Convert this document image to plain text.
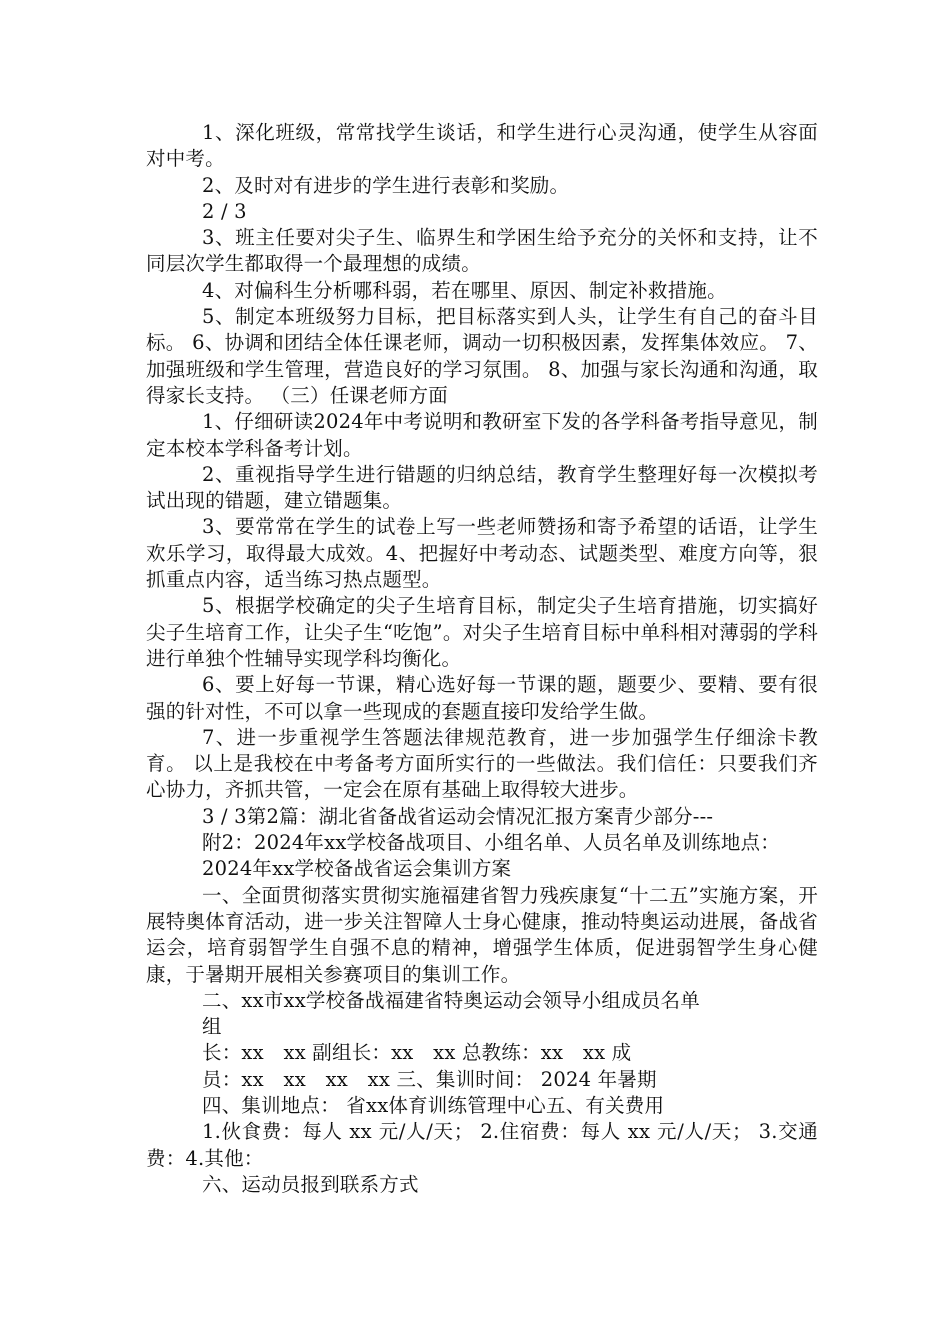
1、深化班级，常常找学生谈话，和学生进行心灵沟通，使学生从容面对中考。

2、及时对有进步的学生进行表彰和奖励。

2 / 3

3、班主任要对尖子生、临界生和学困生给予充分的关怀和支持，让不同层次学生都取得一个最理想的成绩。

4、对偏科生分析哪科弱，若在哪里、原因、制定补救措施。

5、制定本班级努力目标，把目标落实到人头，让学生有自己的奋斗目标。 6、协调和团结全体任课老师，调动一切积极因素，发挥集体效应。 7、加强班级和学生管理，营造良好的学习氛围。 8、加强与家长沟通和沟通，取得家长支持。 （三）任课老师方面

1、仔细研读2024年中考说明和教研室下发的各学科备考指导意见，制定本校本学科备考计划。

2、重视指导学生进行错题的归纳总结，教育学生整理好每一次模拟考试出现的错题，建立错题集。

3、要常常在学生的试卷上写一些老师赞扬和寄予希望的话语，让学生欢乐学习，取得最大成效。4、把握好中考动态、试题类型、难度方向等，狠抓重点内容，适当练习热点题型。

5、根据学校确定的尖子生培育目标，制定尖子生培育措施，切实搞好尖子生培育工作，让尖子生“吃饱”。对尖子生培育目标中单科相对薄弱的学科进行单独个性辅导实现学科均衡化。

6、要上好每一节课，精心选好每一节课的题，题要少、要精、要有很强的针对性，不可以拿一些现成的套题直接印发给学生做。

7、进一步重视学生答题法律规范教育，进一步加强学生仔细涂卡教育。 以上是我校在中考备考方面所实行的一些做法。我们信任：只要我们齐心协力，齐抓共管，一定会在原有基础上取得较大进步。

3 / 3第2篇：湖北省备战省运动会情况汇报方案青少部分---

附2：2024年xx学校备战项目、小组名单、人员名单及训练地点：

2024年xx学校备战省运会集训方案

一、全面贯彻落实贯彻实施福建省智力残疾康复“十二五”实施方案，开展特奥体育活动，进一步关注智障人士身心健康，推动特奥运动进展，备战省运会，培育弱智学生自强不息的精神，增强学生体质，促进弱智学生身心健康，于暑期开展相关参赛项目的集训工作。

二、xx市xx学校备战福建省特奥运动会领导小组成员名单

组

长：xx　xx 副组长：xx　xx 总教练：xx　xx 成

员：xx　xx　xx　xx 三、集训时间： 2024 年暑期

四、集训地点： 省xx体育训练管理中心五、有关费用

1.伙食费：每人 xx 元/人/天； 2.住宿费：每人 xx 元/人/天； 3.交通费：4.其他：

六、运动员报到联系方式
